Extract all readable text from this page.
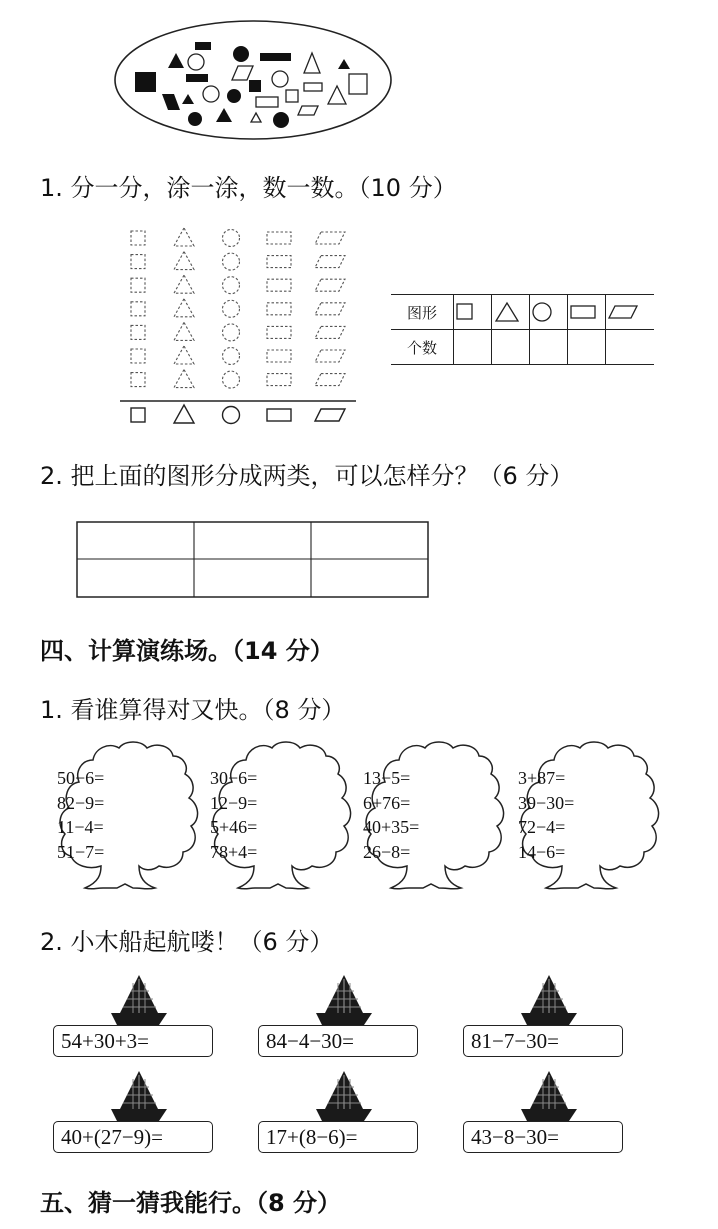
1. 分一分，涂一涂，数一数。（10 分）
图形	

个数					
2. 把上面的图形分成两类，可以怎样分？（6 分）
四、计算演练场。（14 分）
1. 看谁算得对又快。（8 分）
50−6=
82−9=
11−4=
51−7=
30−6=
12−9=
5+46=
78+4=
13−5=
6+76=
40+35=
26−8=
3+87=
39−30=
72−4=
14−6=
2. 小木船起航喽！（6 分）
54+30+3=	84−4−30=	81−7−30=
40+(27−9)=	17+(8−6)=	43−8−30=
五、猜一猜我能行。（8 分）
